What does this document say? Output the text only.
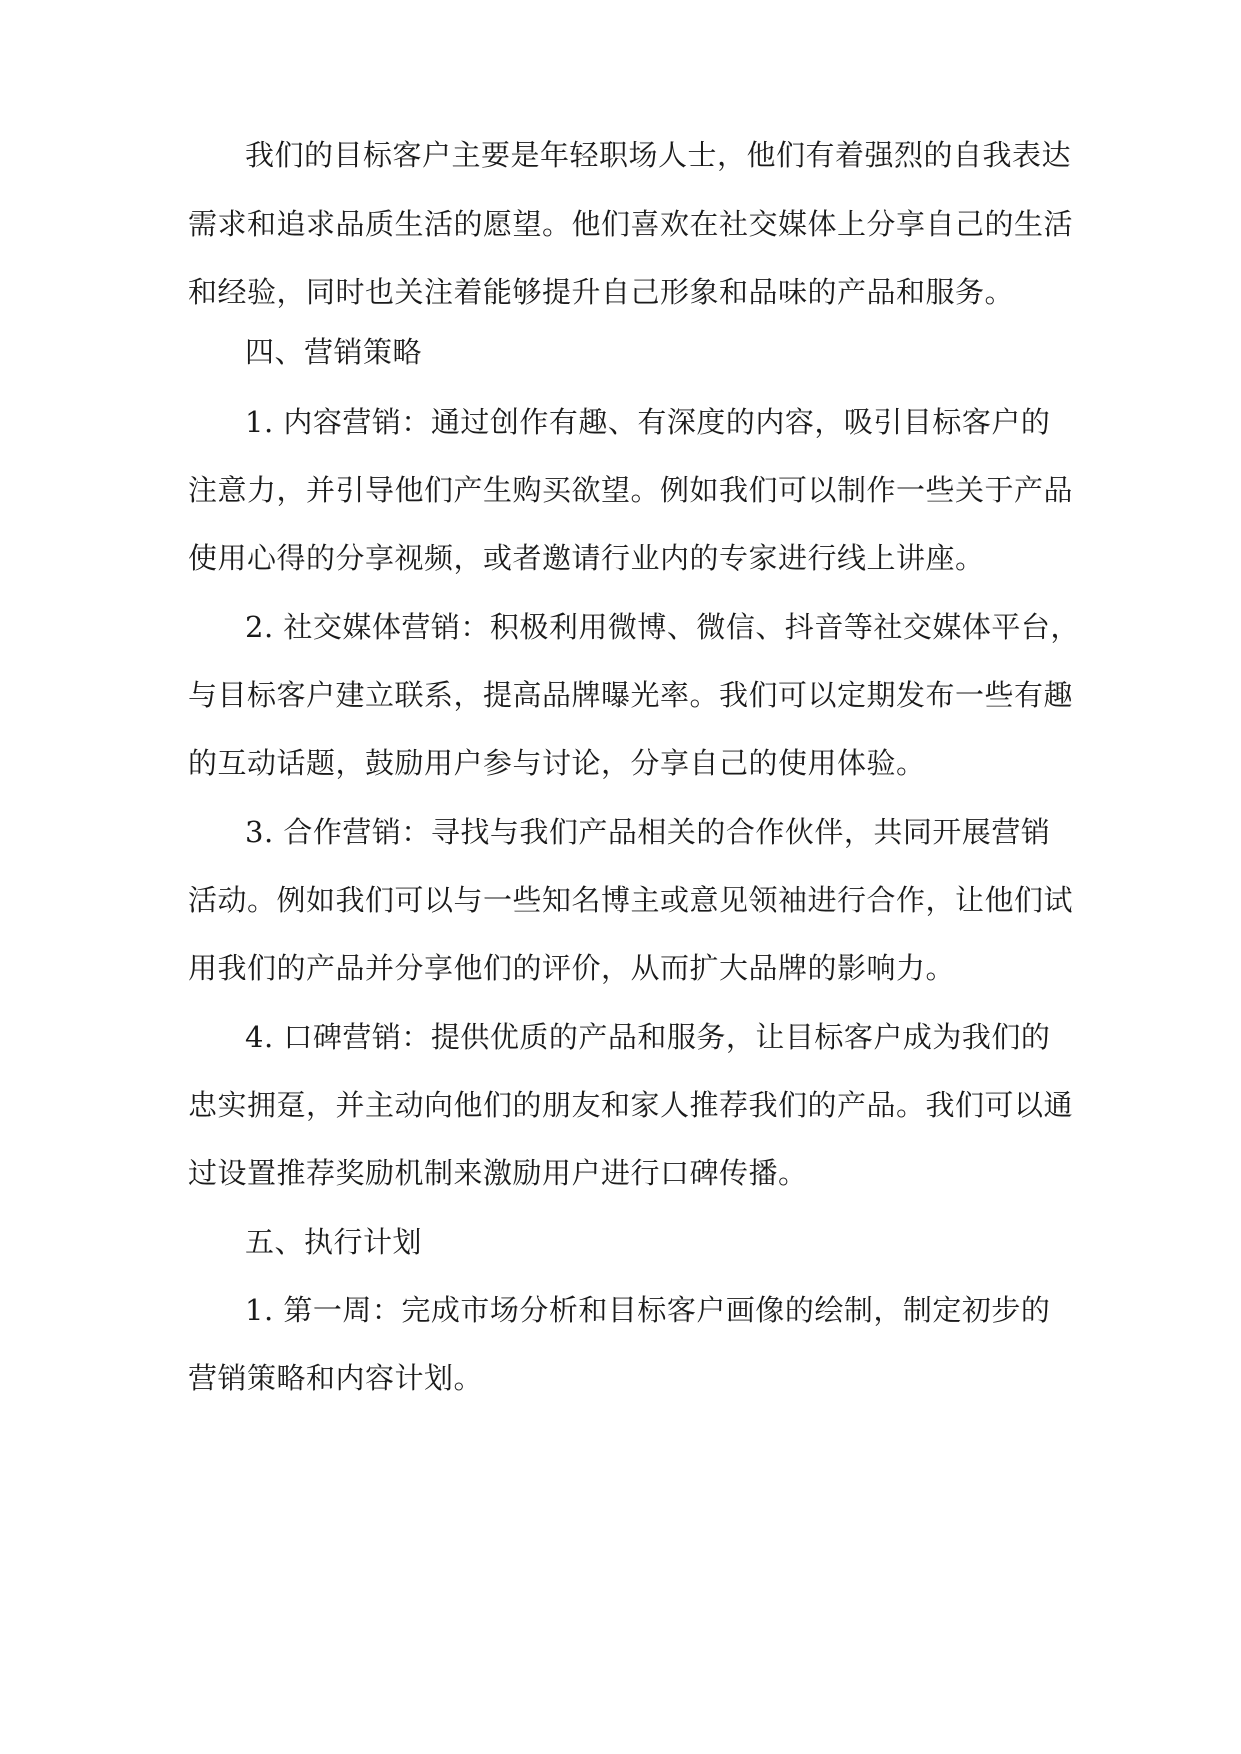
我们的目标客户主要是年轻职场人士，他们有着强烈的自我表达
需求和追求品质生活的愿望。他们喜欢在社交媒体上分享自己的生活
和经验，同时也关注着能够提升自己形象和品味的产品和服务。
四、营销策略
1. 内容营销：通过创作有趣、有深度的内容，吸引目标客户的
注意力，并引导他们产生购买欲望。例如我们可以制作一些关于产品
使用心得的分享视频，或者邀请行业内的专家进行线上讲座。
2. 社交媒体营销：积极利用微博、微信、抖音等社交媒体平台，
与目标客户建立联系，提高品牌曝光率。我们可以定期发布一些有趣
的互动话题，鼓励用户参与讨论，分享自己的使用体验。
3. 合作营销：寻找与我们产品相关的合作伙伴，共同开展营销
活动。例如我们可以与一些知名博主或意见领袖进行合作，让他们试
用我们的产品并分享他们的评价，从而扩大品牌的影响力。
4. 口碑营销：提供优质的产品和服务，让目标客户成为我们的
忠实拥趸，并主动向他们的朋友和家人推荐我们的产品。我们可以通
过设置推荐奖励机制来激励用户进行口碑传播。
五、执行计划
1. 第一周：完成市场分析和目标客户画像的绘制，制定初步的
营销策略和内容计划。
